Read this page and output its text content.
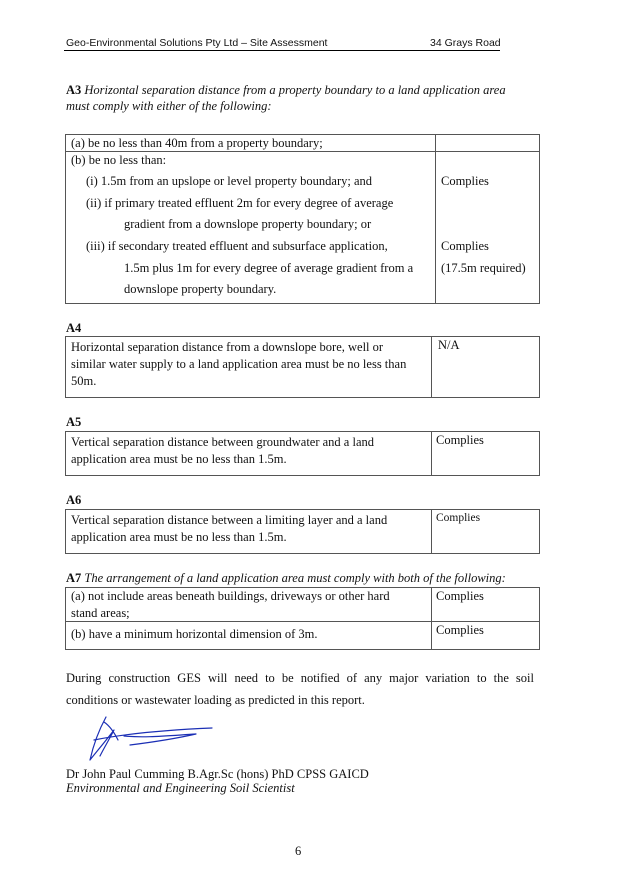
Geo-Environmental Solutions Pty Ltd – Site Assessment	34 Grays Road
A3 Horizontal separation distance from a property boundary to a land application area
must comply with either of the following:
(a) be no less than 40m from a property boundary;
(b) be no less than:
(i) 1.5m from an upslope or level property boundary; and
(ii) if primary treated effluent 2m for every degree of average
gradient from a downslope property boundary; or
(iii) if secondary treated effluent and subsurface application,
1.5m plus 1m for every degree of average gradient from a
downslope property boundary.
Complies
Complies
(17.5m required)
A4
Horizontal separation distance from a downslope bore, well or
similar water supply to a land application area must be no less than
50m.
N/A
A5
Vertical separation distance between groundwater and a land
application area must be no less than 1.5m.
Complies
A6
Vertical separation distance between a limiting layer and a land
application area must be no less than 1.5m.
Complies
A7 The arrangement of a land application area must comply with both of the following:
(a) not include areas beneath buildings, driveways or other hard
stand areas;
(b) have a minimum horizontal dimension of 3m.
Complies
Complies
During construction GES will need to be notified of any major variation to the soil
conditions or wastewater loading as predicted in this report.
Dr John Paul Cumming B.Agr.Sc (hons) PhD CPSS GAICD
Environmental and Engineering Soil Scientist
6
